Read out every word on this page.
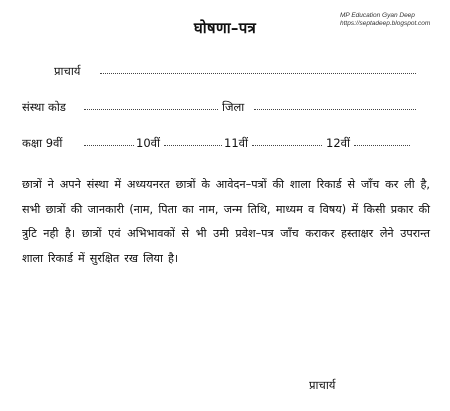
MP Education Gyan Deep
https://septadeep.blogspot.com
घोषणा–पत्र
प्राचार्य
संस्था कोड	जिला
कक्षा 9वीं	10वीं	11वीं	12वीं
छात्रों ने अपने संस्था में अध्ययनरत छात्रों के आवेदन–पत्रों की शाला रिकार्ड से जाँच कर ली है, सभी छात्रों की जानकारी (नाम, पिता का नाम, जन्म तिथि, माध्यम व विषय) में किसी प्रकार की त्रुटि नही है। छात्रों एवं अभिभावकों से भी उमी प्रवेश–पत्र जाँच कराकर हस्ताक्षर लेने उपरान्त शाला रिकार्ड में सुरक्षित रख लिया है।
प्राचार्य
